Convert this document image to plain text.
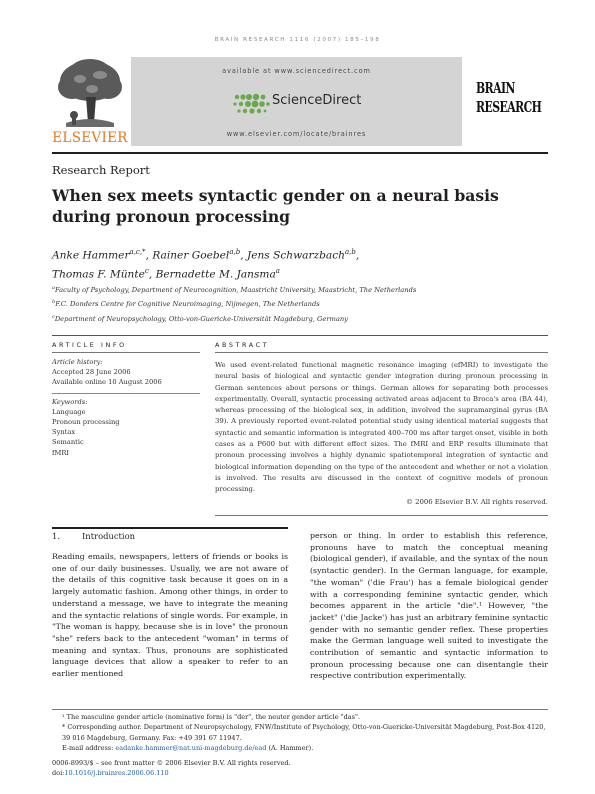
BRAIN RESEARCH 1116 (2007) 185–198
ELSEVIER
available at www.sciencedirect.com
ScienceDirect
www.elsevier.com/locate/brainres
BRAIN
RESEARCH
Research Report
When sex meets syntactic gender on a neural basis during pronoun processing
Anke Hammer$^{a,c,*}$, Rainer Goebel$^{a,b}$, Jens Schwarzbach$^{a,b}$,
Thomas F. Münte$^c$, Bernadette M. Jansma$^a$
$^a$Faculty of Psychology, Department of Neurocognition, Maastricht University, Maastricht, The Netherlands
$^b$F.C. Donders Centre for Cognitive Neuroimaging, Nijmegen, The Netherlands
$^c$Department of Neuropsychology, Otto-von-Guericke-Universität Magdeburg, Germany
ARTICLE INFO	ABSTRACT
Article history:
Accepted 28 June 2006
Available online 10 August 2006
Keywords:
Language
Pronoun processing
Syntax
Semantic
fMRI
We used event-related functional magnetic resonance imaging (efMRI) to investigate the neural basis of biological and syntactic gender integration during pronoun processing in German sentences about persons or things. German allows for separating both processes experimentally. Overall, syntactic processing activated areas adjacent to Broca's area (BA 44), whereas processing of the biological sex, in addition, involved the supramarginal gyrus (BA 39). A previously reported event-related potential study using identical material suggests that syntactic and semantic information is integrated 400–700 ms after target onset, visible in both cases as a P600 but with different effect sizes. The fMRI and ERP results illuminate that pronoun processing involves a highly dynamic spatiotemporal integration of syntactic and biological information depending on the type of the antecedent and whether or not a violation is involved. The results are discussed in the context of cognitive models of pronoun processing.
© 2006 Elsevier B.V. All rights reserved.
1.	Introduction
Reading emails, newspapers, letters of friends or books is one of our daily businesses. Usually, we are not aware of the details of this cognitive task because it goes on in a largely automatic fashion. Among other things, in order to understand a message, we have to integrate the meaning and the syntactic relations of single words. For example, in "The woman is happy, because she is in love" the pronoun "she" refers back to the antecedent "woman" in terms of meaning and syntax. Thus, pronouns are sophisticated language devices that allow a speaker to refer to an earlier mentioned
person or thing. In order to establish this reference, pronouns have to match the conceptual meaning (biological gender), if available, and the syntax of the noun (syntactic gender). In the German language, for example, "the woman" ('die Frau') has a female biological gender with a corresponding feminine syntactic gender, which becomes apparent in the article "die".¹ However, "the jacket" ('die Jacke') has just an arbitrary feminine syntactic gender with no semantic gender reflex. These properties make the German language well suited to investigate the contribution of semantic and syntactic information to pronoun processing because one can disentangle their respective contribution experimentally.
¹ The masculine gender article (nominative form) is "der", the neuter gender article "das".
* Corresponding author. Department of Neuropsychology, FNW/Institute of Psychology, Otto-von-Guericke-Universität Magdeburg, Post-Box 4120, 39 016 Magdeburg, Germany. Fax: +49 391 67 11947.
E-mail address: eadanke.hammer@nat.uni-magdeburg.de/ead (A. Hammer).
0006-8993/$ – see front matter © 2006 Elsevier B.V. All rights reserved.
doi:10.1016/j.brainres.2006.06.110
